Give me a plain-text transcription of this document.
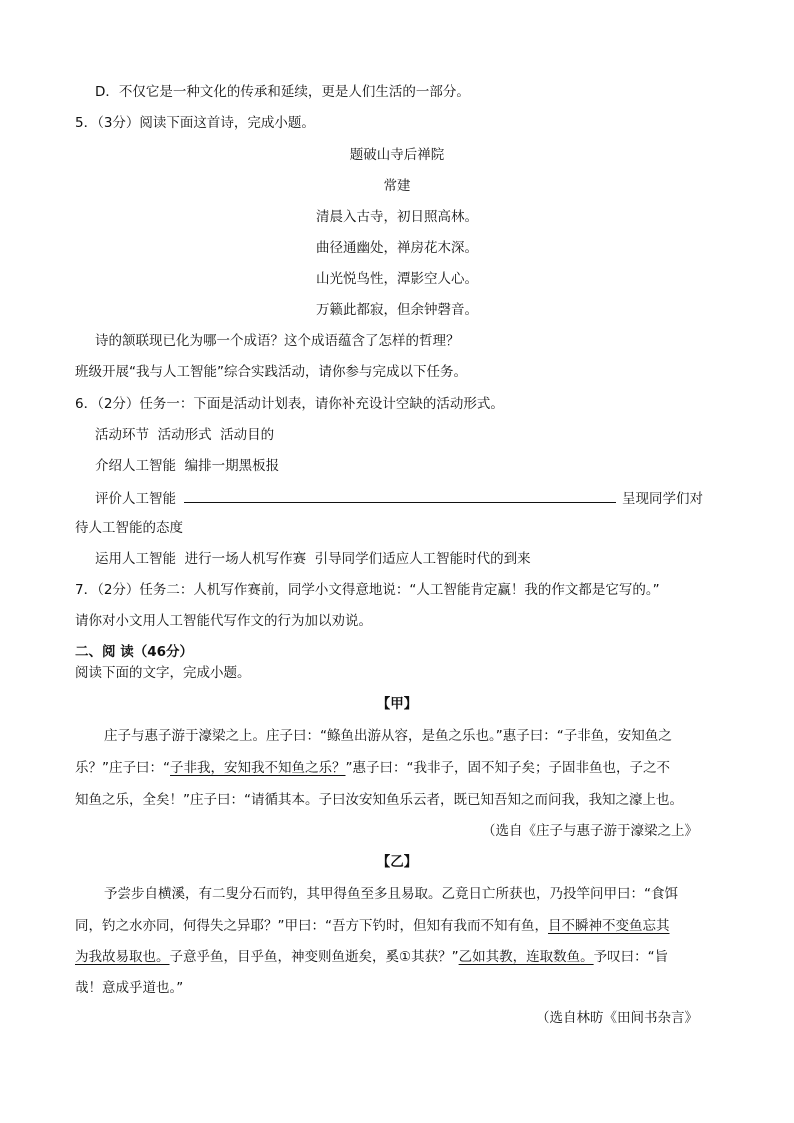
D．不仅它是一种文化的传承和延续，更是人们生活的一部分。
5．（3分）阅读下面这首诗，完成小题。
题破山寺后禅院
常建
清晨入古寺，初日照高林。
曲径通幽处，禅房花木深。
山光悦鸟性，潭影空人心。
万籁此都寂，但余钟磬音。
诗的颔联现已化为哪一个成语？这个成语蕴含了怎样的哲理？
班级开展“我与人工智能”综合实践活动，请你参与完成以下任务。
6．（2分）任务一：下面是活动计划表，请你补充设计空缺的活动形式。
活动环节  活动形式  活动目的
介绍人工智能  编排一期黑板报
评价人工智能	呈现同学们对
待人工智能的态度
运用人工智能  进行一场人机写作赛  引导同学们适应人工智能时代的到来
7．（2分）任务二：人机写作赛前，同学小文得意地说：“人工智能肯定赢！我的作文都是它写的。”
请你对小文用人工智能代写作文的行为加以劝说。
二、阅 读（46分）
阅读下面的文字，完成小题。
【甲】
庄子与惠子游于濠梁之上。庄子曰：“鲦鱼出游从容，是鱼之乐也。”惠子曰：“子非鱼，安知鱼之
乐？”庄子曰：“子非我，安知我不知鱼之乐？”惠子曰：“我非子，固不知子矣；子固非鱼也，子之不
知鱼之乐，全矣！”庄子曰：“请循其本。子曰汝安知鱼乐云者，既已知吾知之而问我，我知之濠上也。
（选自《庄子与惠子游于濠梁之上》
【乙】
予尝步自横溪，有二叟分石而钓，其甲得鱼至多且易取。乙竟日亡所获也，乃投竿问甲曰：“食饵
同，钓之水亦同，何得失之异耶？”甲曰：“吾方下钓时，但知有我而不知有鱼，目不瞬神不变鱼忘其
为我故易取也。子意乎鱼，目乎鱼，神变则鱼逝矣，奚①其获？”乙如其教，连取数鱼。予叹曰：“旨
哉！意成乎道也。”
（选自林昉《田间书杂言》
